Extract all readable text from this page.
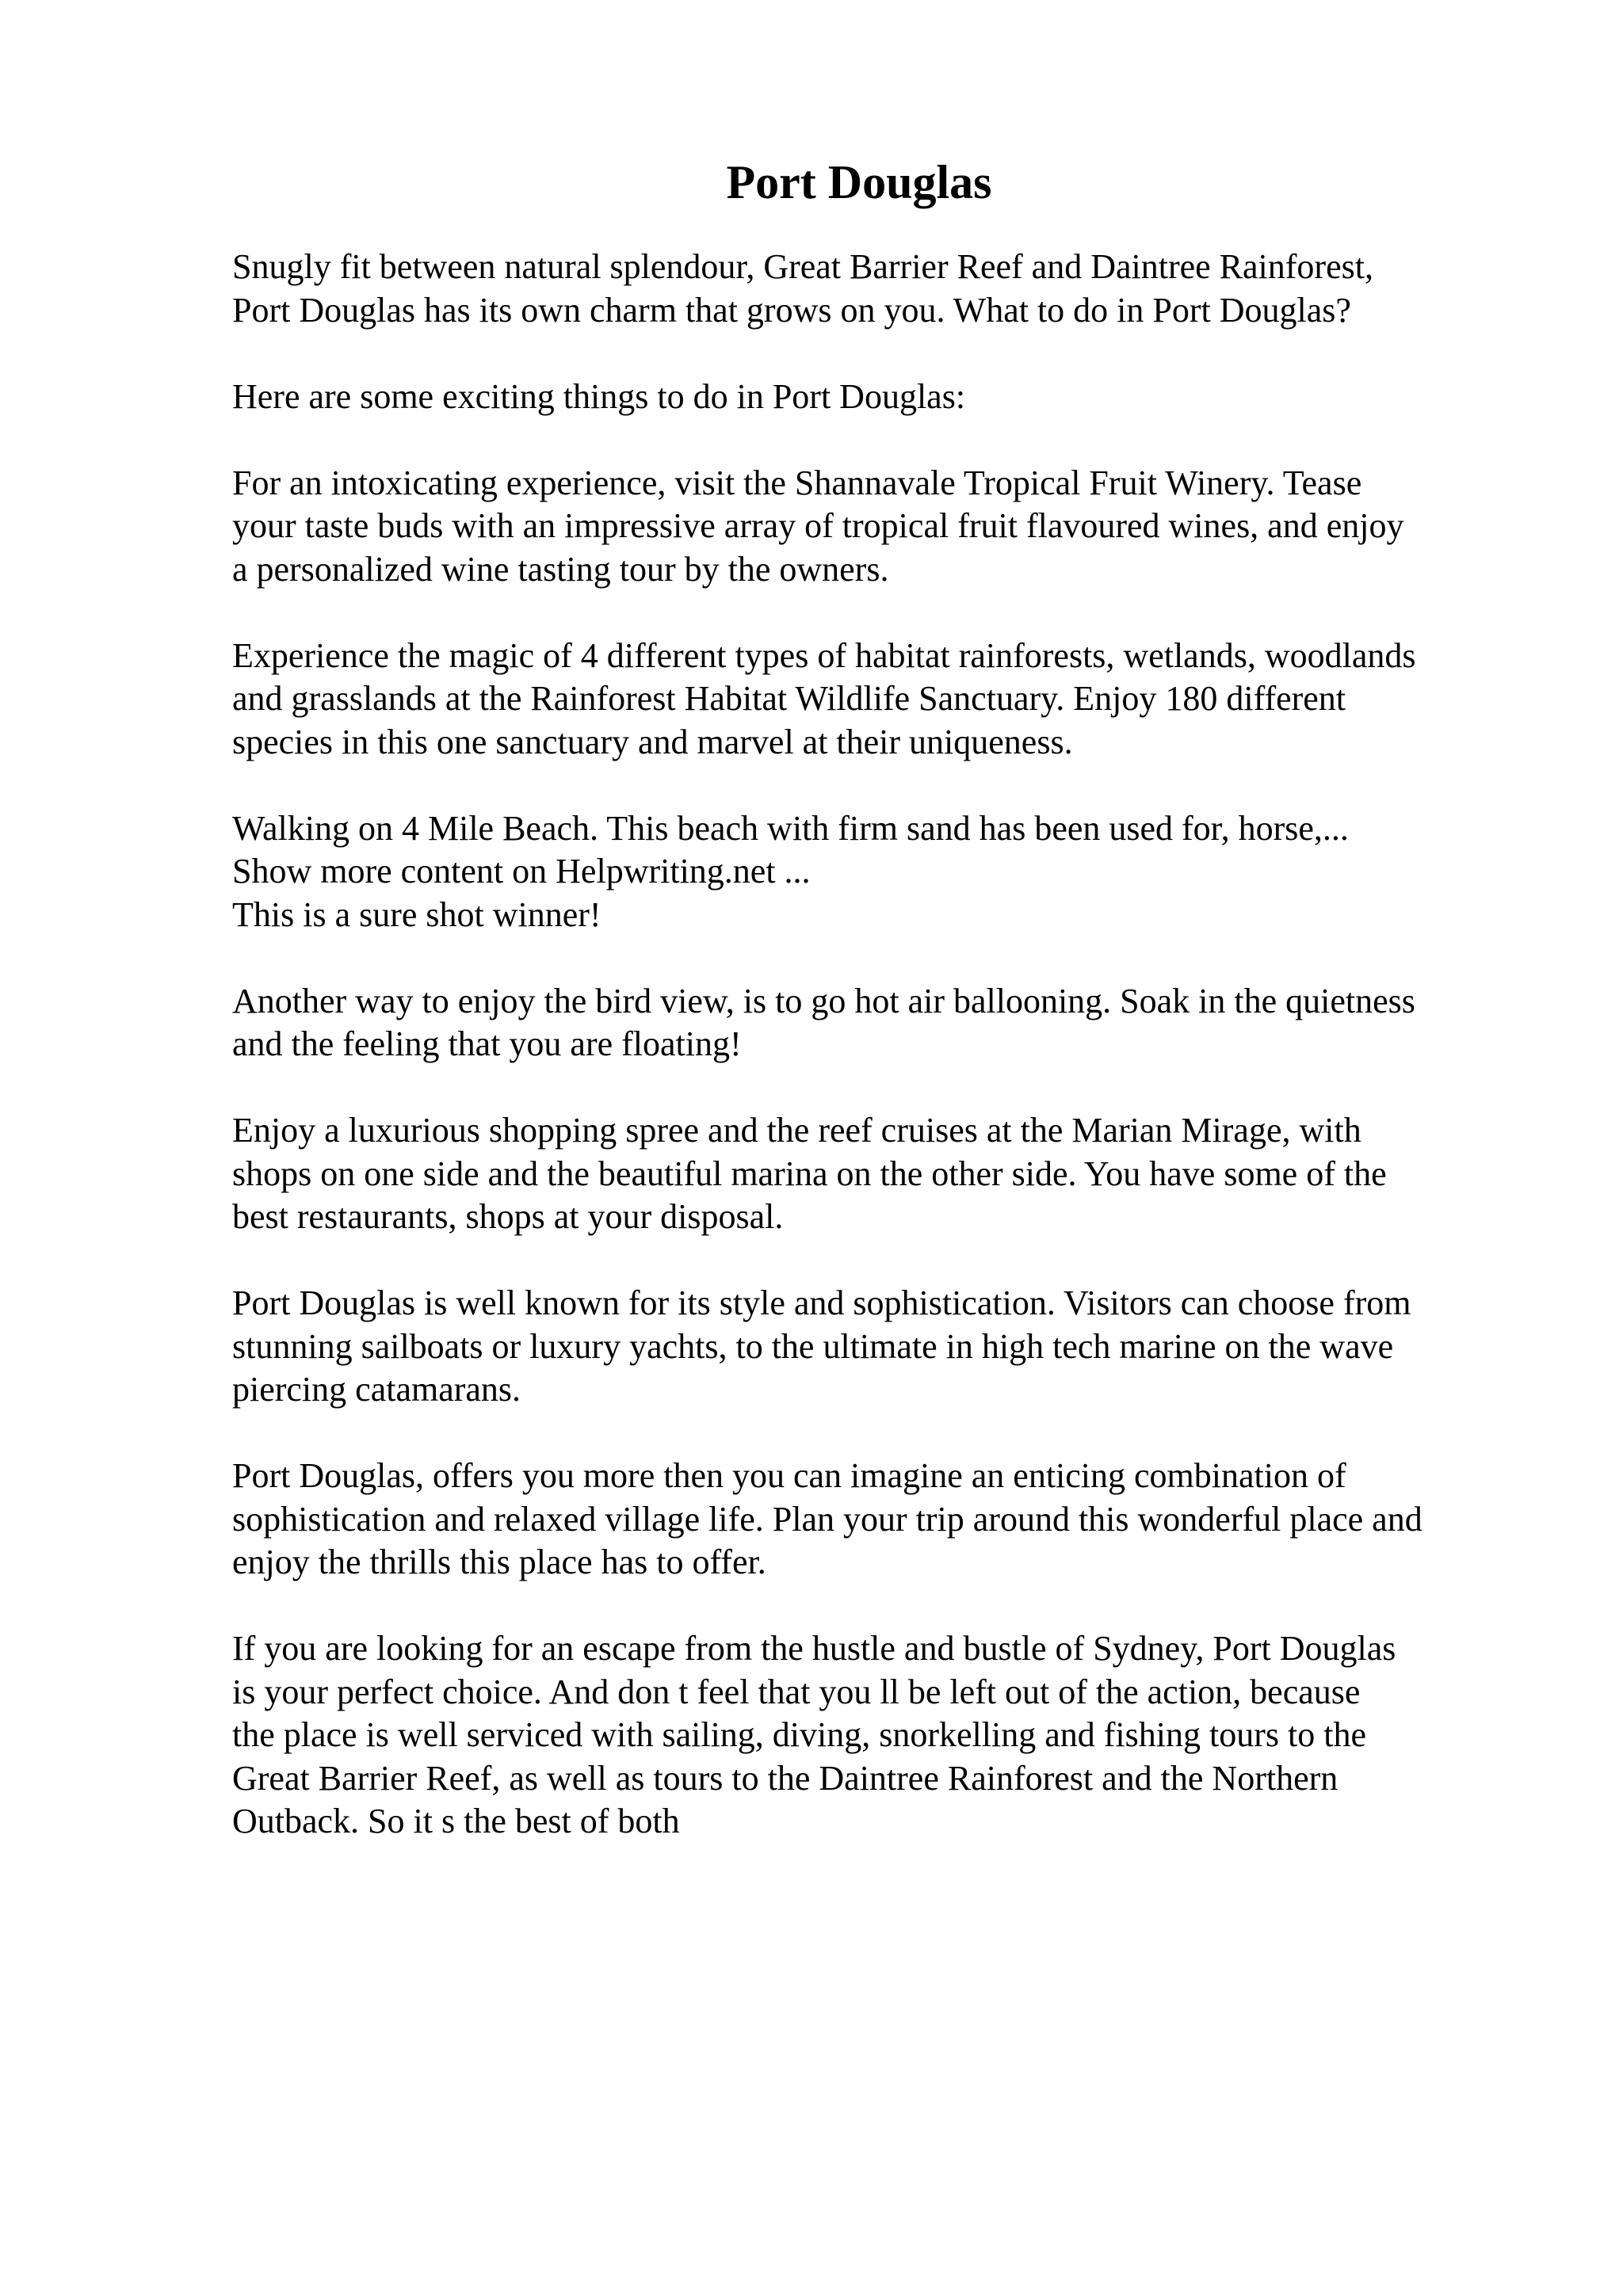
Port Douglas

Snugly fit between natural splendour, Great Barrier Reef and Daintree Rainforest,
Port Douglas has its own charm that grows on you. What to do in Port Douglas?

Here are some exciting things to do in Port Douglas:

For an intoxicating experience, visit the Shannavale Tropical Fruit Winery. Tease
your taste buds with an impressive array of tropical fruit flavoured wines, and enjoy
a personalized wine tasting tour by the owners.

Experience the magic of 4 different types of habitat rainforests, wetlands, woodlands
and grasslands at the Rainforest Habitat Wildlife Sanctuary. Enjoy 180 different
species in this one sanctuary and marvel at their uniqueness.

Walking on 4 Mile Beach. This beach with firm sand has been used for, horse,...
Show more content on Helpwriting.net ...
This is a sure shot winner!

Another way to enjoy the bird view, is to go hot air ballooning. Soak in the quietness
and the feeling that you are floating!

Enjoy a luxurious shopping spree and the reef cruises at the Marian Mirage, with
shops on one side and the beautiful marina on the other side. You have some of the
best restaurants, shops at your disposal.

Port Douglas is well known for its style and sophistication. Visitors can choose from
stunning sailboats or luxury yachts, to the ultimate in high tech marine on the wave
piercing catamarans.

Port Douglas, offers you more then you can imagine an enticing combination of
sophistication and relaxed village life. Plan your trip around this wonderful place and
enjoy the thrills this place has to offer.

If you are looking for an escape from the hustle and bustle of Sydney, Port Douglas
is your perfect choice. And don t feel that you ll be left out of the action, because
the place is well serviced with sailing, diving, snorkelling and fishing tours to the
Great Barrier Reef, as well as tours to the Daintree Rainforest and the Northern
Outback. So it s the best of both
